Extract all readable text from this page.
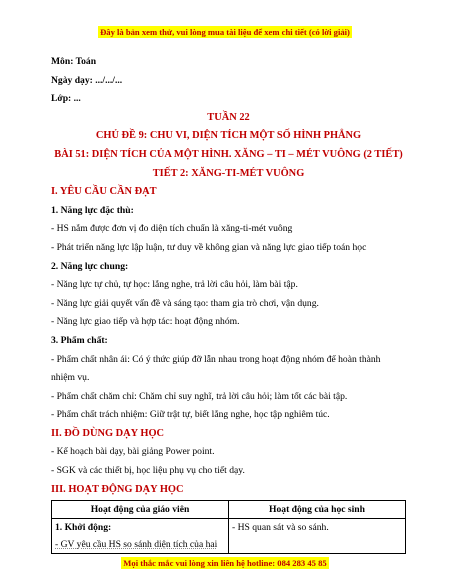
Đây là bản xem thử, vui lòng mua tài liệu để xem chi tiết (có lời giải)

Môn: Toán

Ngày dạy: .../.../...

Lớp: ...

TUẦN 22

CHỦ ĐỀ 9: CHU VI, DIỆN TÍCH MỘT SỐ HÌNH PHẲNG

BÀI 51: DIỆN TÍCH CỦA MỘT HÌNH. XĂNG – TI – MÉT VUÔNG (2 TIẾT)

TIẾT 2: XĂNG-TI-MÉT VUÔNG

I. YÊU CẦU CẦN ĐẠT

1. Năng lực đặc thù:

- HS nắm được đơn vị đo diện tích chuẩn là xăng-ti-mét vuông

- Phát triển năng lực lập luận, tư duy về không gian và năng lực giao tiếp toán học

2. Năng lực chung:

- Năng lực tự chủ, tự học: lắng nghe, trả lời câu hỏi, làm bài tập.

- Năng lực giải quyết vấn đề và sáng tạo: tham gia trò chơi, vận dụng.

- Năng lực giao tiếp và hợp tác: hoạt động nhóm.

3. Phẩm chất:

- Phẩm chất nhân ái: Có ý thức giúp đỡ lẫn nhau trong hoạt động nhóm để hoàn thành nhiệm vụ.

- Phẩm chất chăm chỉ: Chăm chỉ suy nghĩ, trả lời câu hỏi; làm tốt các bài tập.

- Phẩm chất trách nhiệm: Giữ trật tự, biết lắng nghe, học tập nghiêm túc.

II. ĐỒ DÙNG DẠY HỌC

- Kế hoạch bài dạy, bài giảng Power point.

- SGK và các thiết bị, học liệu phụ vụ cho tiết dạy.

III. HOẠT ĐỘNG DẠY HỌC

Hoạt động của giáo viên	Hoạt động của học sinh

1. Khởi động:
- GV yêu cầu HS so sánh diện tích của hai	- HS quan sát và so sánh.
Mọi thắc mắc vui lòng xin liên hệ hotline: 084 283 45 85
